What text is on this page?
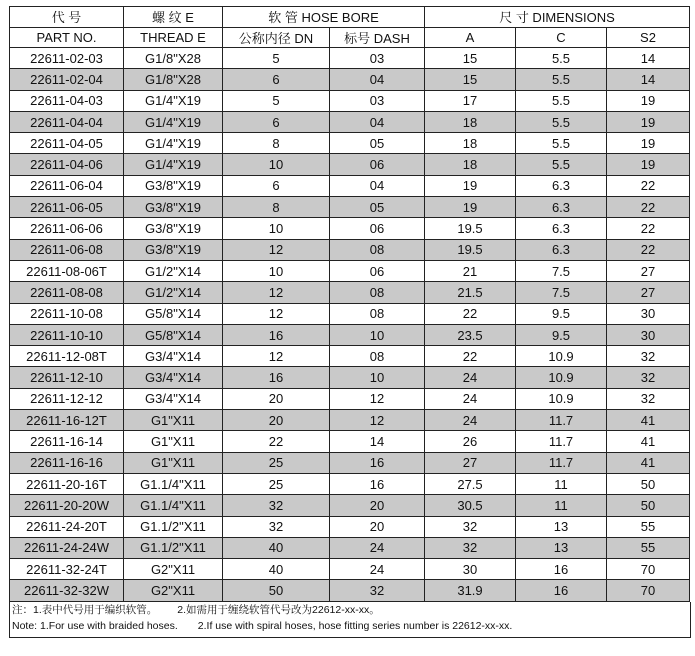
代 号	螺 纹 E	软 管 HOSE BORE		尺 寸 DIMENSIONS		
PART NO.	THREAD E	公称内径 DN	标号 DASH	A	C	S2
22611-02-03	G1/8"X28	5	03	15	5.5	14
22611-02-04	G1/8"X28	6	04	15	5.5	14
22611-04-03	G1/4"X19	5	03	17	5.5	19
22611-04-04	G1/4"X19	6	04	18	5.5	19
22611-04-05	G1/4"X19	8	05	18	5.5	19
22611-04-06	G1/4"X19	10	06	18	5.5	19
22611-06-04	G3/8"X19	6	04	19	6.3	22
22611-06-05	G3/8"X19	8	05	19	6.3	22
22611-06-06	G3/8"X19	10	06	19.5	6.3	22
22611-06-08	G3/8"X19	12	08	19.5	6.3	22
22611-08-06T	G1/2"X14	10	06	21	7.5	27
22611-08-08	G1/2"X14	12	08	21.5	7.5	27
22611-10-08	G5/8"X14	12	08	22	9.5	30
22611-10-10	G5/8"X14	16	10	23.5	9.5	30
22611-12-08T	G3/4"X14	12	08	22	10.9	32
22611-12-10	G3/4"X14	16	10	24	10.9	32
22611-12-12	G3/4"X14	20	12	24	10.9	32
22611-16-12T	G1"X11	20	12	24	11.7	41
22611-16-14	G1"X11	22	14	26	11.7	41
22611-16-16	G1"X11	25	16	27	11.7	41
22611-20-16T	G1.1/4"X11	25	16	27.5	11	50
22611-20-20W	G1.1/4"X11	32	20	30.5	11	50
22611-24-20T	G1.1/2"X11	32	20	32	13	55
22611-24-24W	G1.1/2"X11	40	24	32	13	55
22611-32-24T	G2"X11	40	24	30	16	70
22611-32-32W	G2"X11	50	32	31.9	16	70
注：1.表中代号用于编织软管。 2.如需用于缠绕软管代号改为22612-xx-xx。
Note: 1.For use with braided hoses. 2.If use with spiral hoses, hose fitting series number is 22612-xx-xx.
